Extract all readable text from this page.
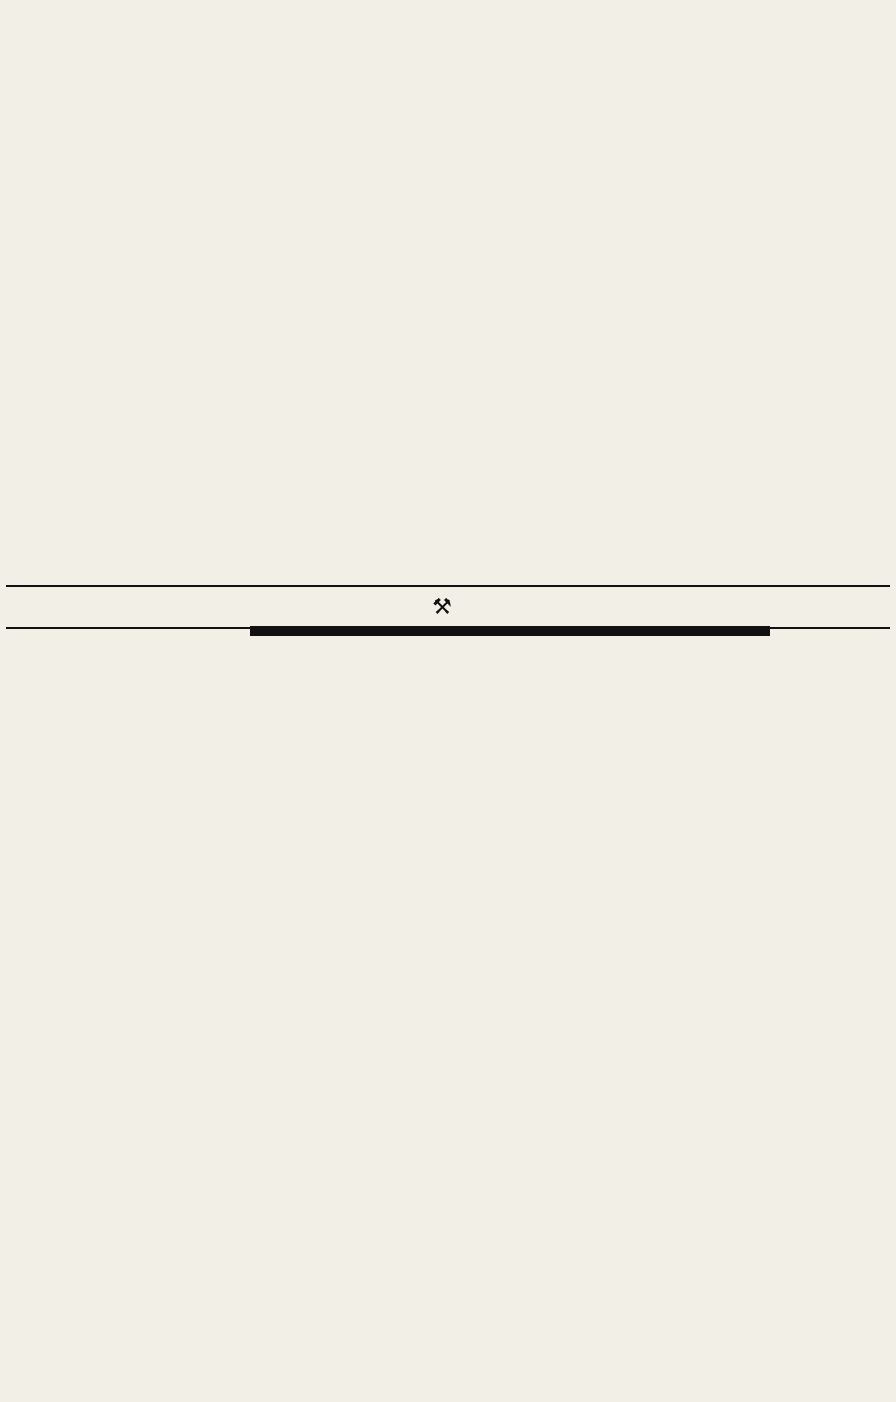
⚒
